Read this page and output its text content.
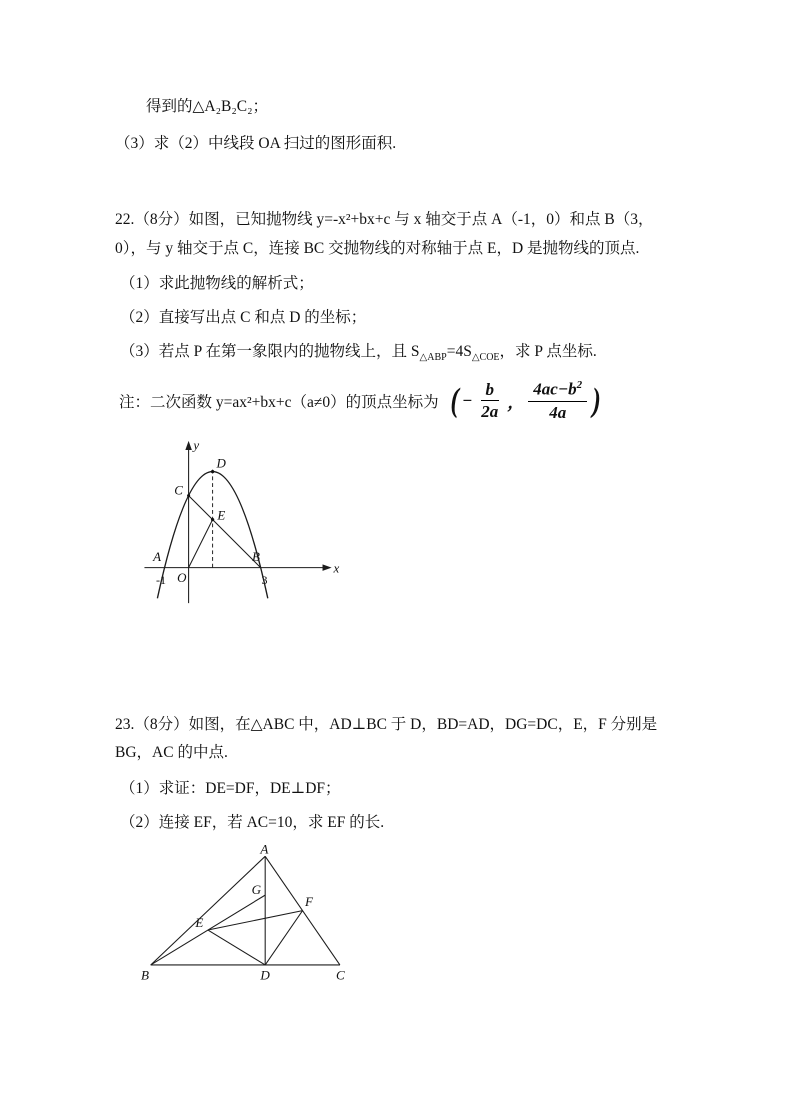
得到的△A₂B₂C₂；

（3）求（2）中线段 OA 扫过的图形面积.

22.（8分）如图，已知抛物线 y=-x²+bx+c 与 x 轴交于点 A（-1，0）和点 B（3，0），与 y 轴交于点 C，连接 BC 交抛物线的对称轴于点 E，D 是抛物线的顶点.

（1）求此抛物线的解析式；

（2）直接写出点 C 和点 D 的坐标；

（3）若点 P 在第一象限内的抛物线上，且 $S_{\triangle ABP}=4S_{\triangle COE}$，求 P 点坐标.

注：二次函数 y=ax²+bx+c（a≠0）的顶点坐标为 ( − $\frac{b}{2a}$ ， $\frac{4ac-b^2}{4a}$ )
y
x
D
C
E
A
O
B
-1	3

23.（8分）如图，在△ABC 中，AD⊥BC 于 D，BD=AD，DG=DC，E，F 分别是 BG，AC 的中点.

（1）求证：DE=DF，DE⊥DF；

（2）连接 EF，若 AC=10，求 EF 的长.

A
G
E
F
B	D	C
